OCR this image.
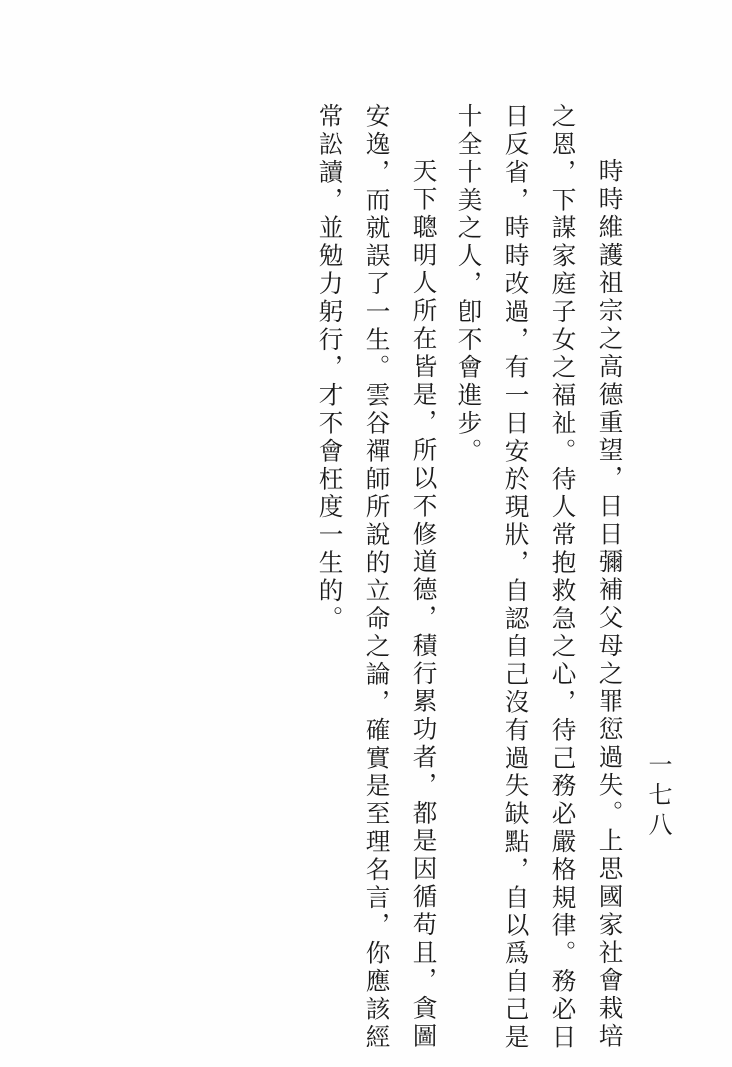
一七八
時時維護祖宗之高德重望，日日彌補父母之罪愆過失。上思國家社會栽培
之恩，下謀家庭子女之福祉。待人常抱救急之心，待己務必嚴格規律。務必日
日反省，時時改過，有一日安於現狀，自認自己沒有過失缺點，自以爲自己是
十全十美之人，卽不會進步。
天下聰明人所在皆是，所以不修道德，積行累功者，都是因循苟且，貪圖
安逸，而就誤了一生。雲谷禪師所說的立命之論，確實是至理名言，你應該經
常訟讀，並勉力躬行，才不會枉度一生的。
